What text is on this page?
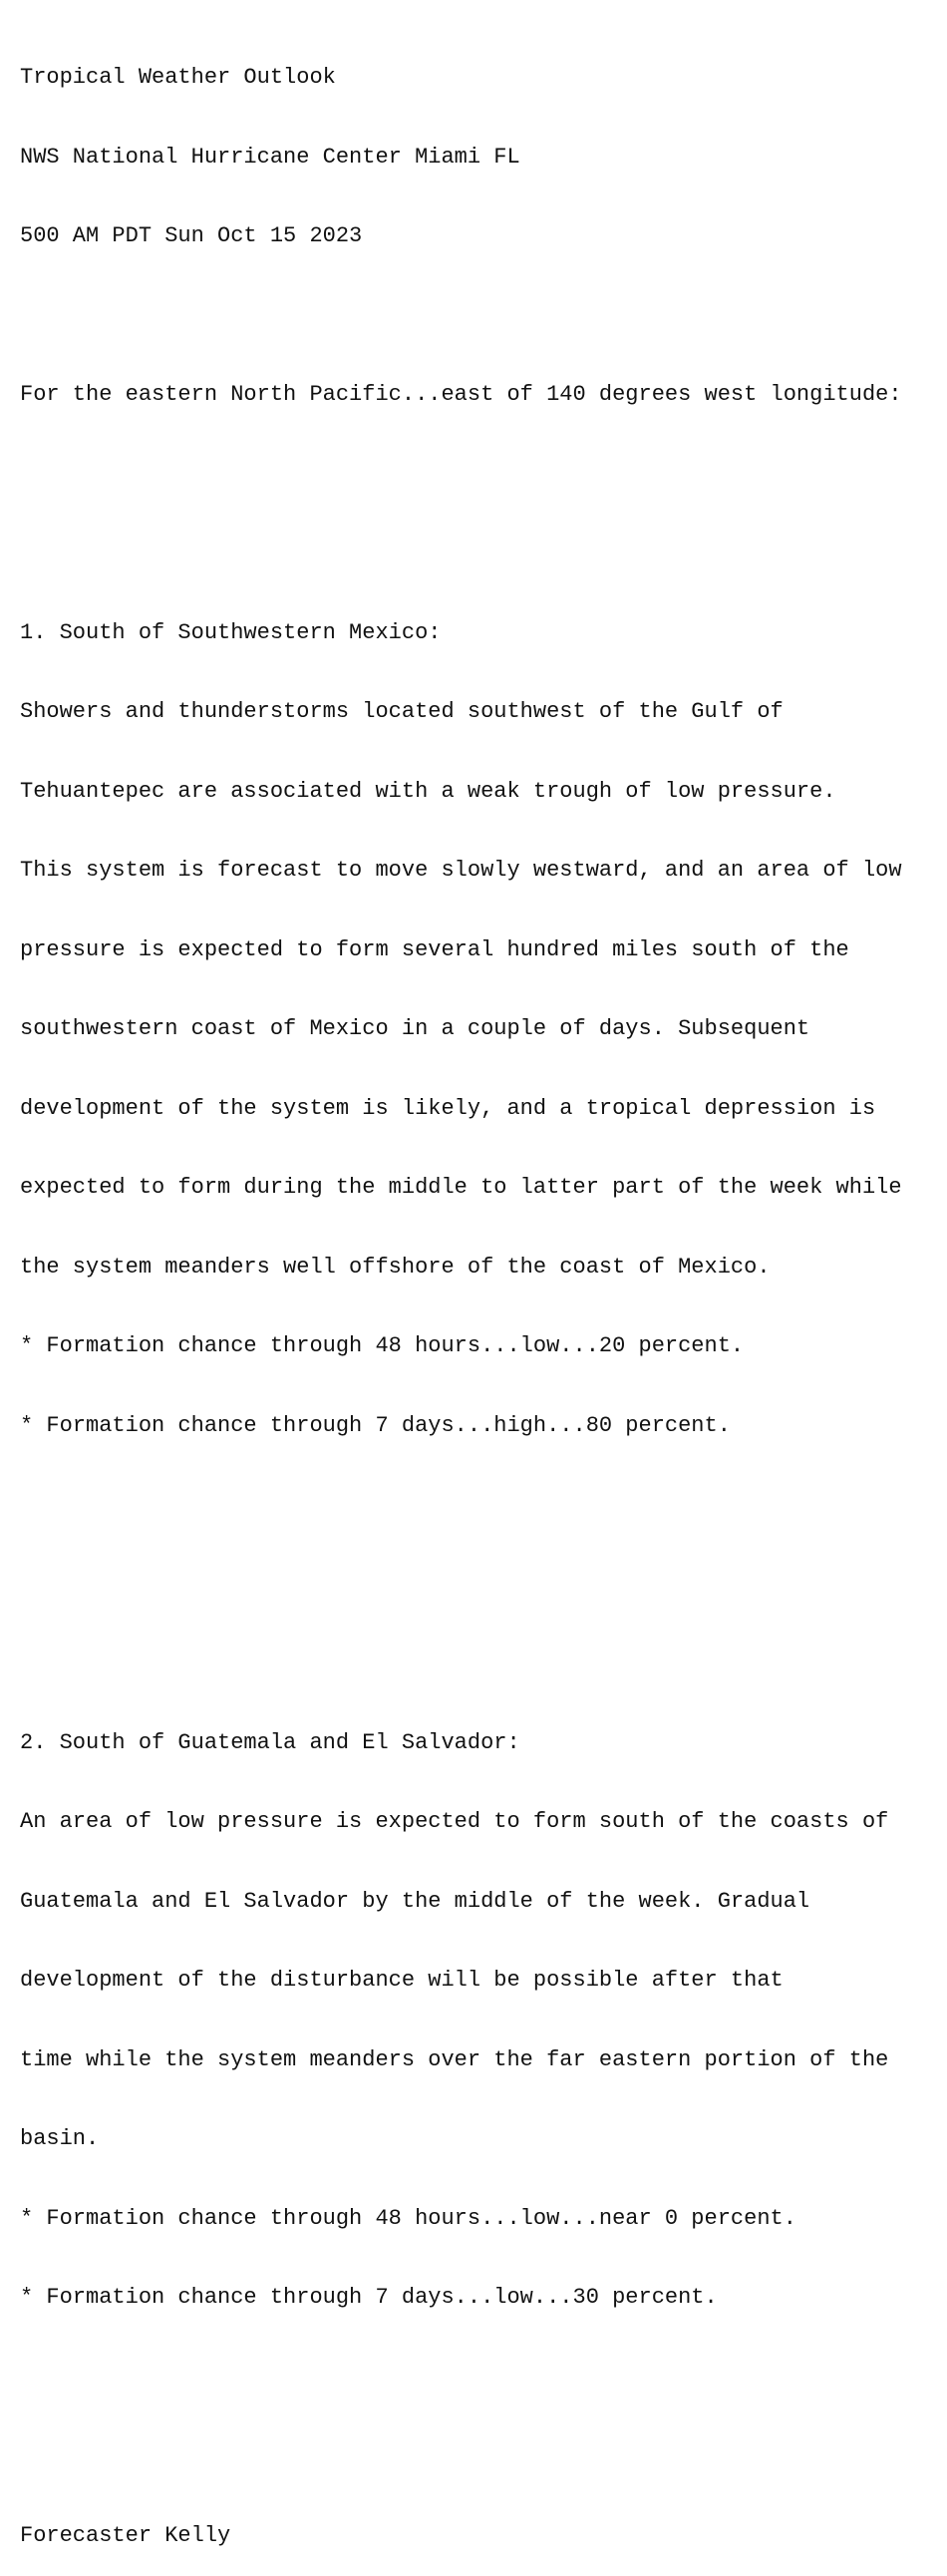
Tropical Weather Outlook

NWS National Hurricane Center Miami FL

500 AM PDT Sun Oct 15 2023

For the eastern North Pacific...east of 140 degrees west longitude:

1. South of Southwestern Mexico:

Showers and thunderstorms located southwest of the Gulf of

Tehuantepec are associated with a weak trough of low pressure.

This system is forecast to move slowly westward, and an area of low

pressure is expected to form several hundred miles south of the

southwestern coast of Mexico in a couple of days. Subsequent

development of the system is likely, and a tropical depression is

expected to form during the middle to latter part of the week while

the system meanders well offshore of the coast of Mexico.

* Formation chance through 48 hours...low...20 percent.

* Formation chance through 7 days...high...80 percent.

2. South of Guatemala and El Salvador:

An area of low pressure is expected to form south of the coasts of

Guatemala and El Salvador by the middle of the week. Gradual

development of the disturbance will be possible after that

time while the system meanders over the far eastern portion of the

basin.

* Formation chance through 48 hours...low...near 0 percent.

* Formation chance through 7 days...low...30 percent.

Forecaster Kelly
